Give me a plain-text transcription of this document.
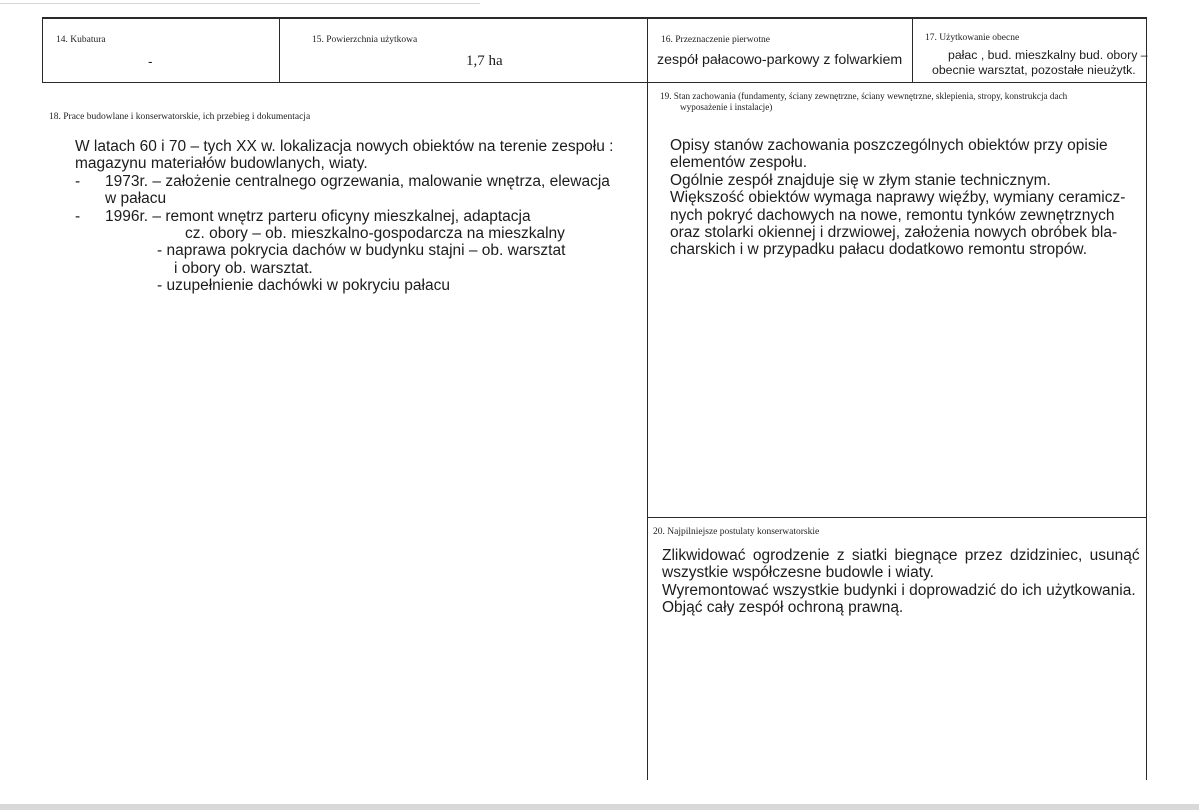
14. Kubatura
-
15. Powierzchnia użytkowa
1,7 ha
16. Przeznaczenie pierwotne
zespół pałacowo-parkowy z folwarkiem
17. Użytkowanie obecne
pałac , bud. mieszkalny bud. obory –
obecnie warsztat, pozostałe nieużytk.
18. Prace budowlane i konserwatorskie, ich przebieg i dokumentacja

W latach 60 i 70 – tych XX w. lokalizacja nowych obiektów na terenie zespołu :

magazynu materiałów budowlanych, wiaty.

-	1973r. – założenie centralnego ogrzewania, malowanie wnętrza, elewacja

w pałacu

-	1996r. – remont wnętrz parteru oficyny mieszkalnej, adaptacja

cz. obory – ob. mieszkalno-gospodarcza na mieszkalny

- naprawa pokrycia dachów w budynku stajni – ob. warsztat

i obory ob. warsztat.

- uzupełnienie dachówki w pokryciu pałacu

19. Stan zachowania (fundamenty, ściany zewnętrzne, ściany wewnętrzne, sklepienia, stropy, konstrukcja dach
wyposażenie i instalacje)

Opisy stanów zachowania poszczególnych obiektów przy opisie

elementów zespołu.

Ogólnie zespół znajduje się w złym stanie technicznym.

Większość obiektów wymaga naprawy więźby, wymiany ceramicz-

nych pokryć dachowych na nowe, remontu tynków zewnętrznych

oraz stolarki okiennej i drzwiowej, założenia nowych obróbek bla-

charskich i w przypadku pałacu dodatkowo remontu stropów.

20. Najpilniejsze postulaty konserwatorskie

Zlikwidować ogrodzenie z siatki biegnące przez dzidziniec, usunąć

wszystkie współczesne budowle i wiaty.

Wyremontować wszystkie budynki i doprowadzić do ich użytkowania.

Objąć cały zespół ochroną prawną.
